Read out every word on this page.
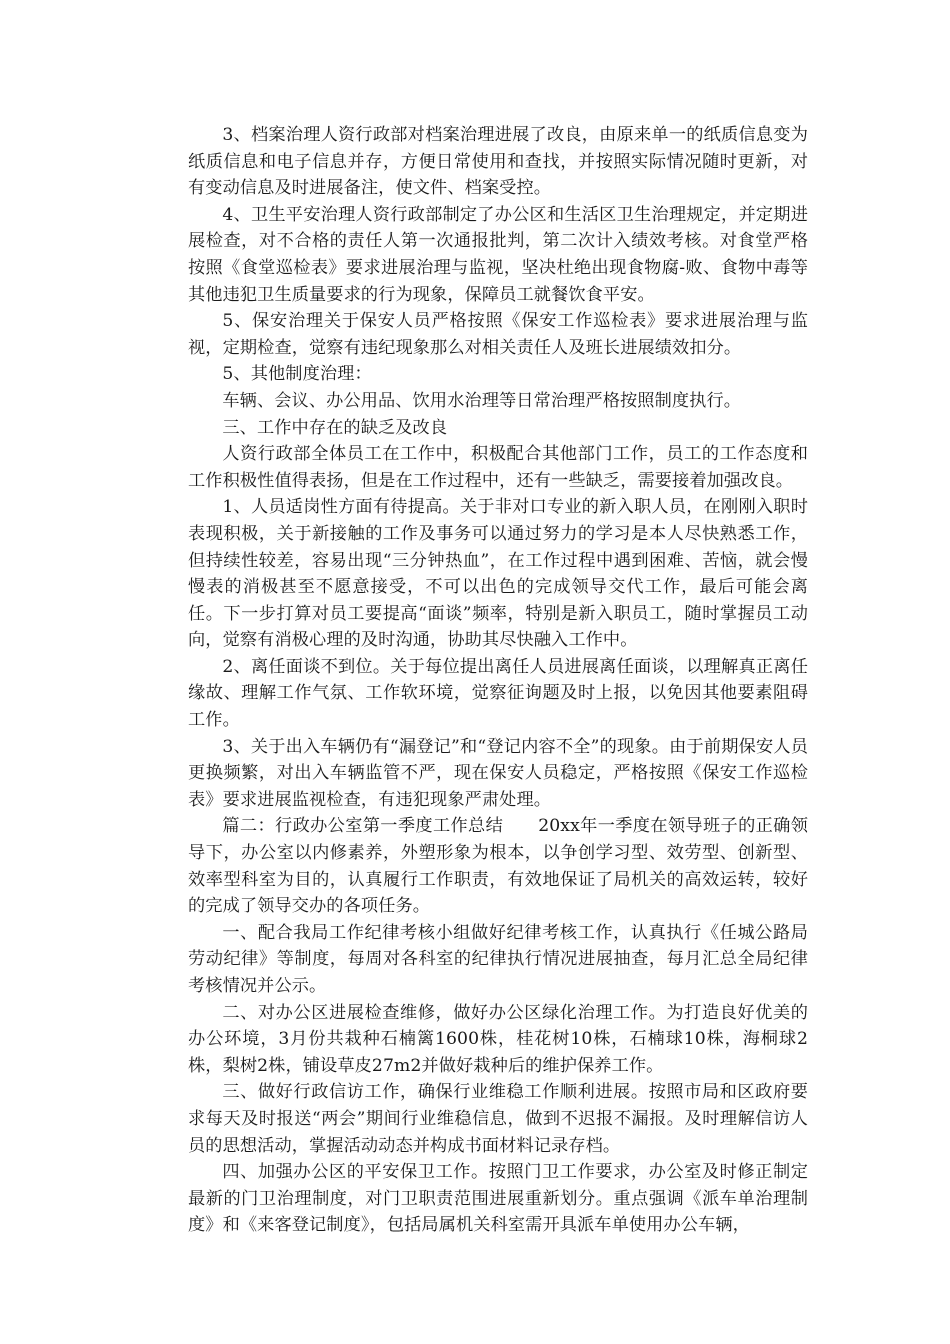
3、档案治理人资行政部对档案治理进展了改良，由原来单一的纸质信息变为纸质信息和电子信息并存，方便日常使用和查找，并按照实际情况随时更新，对有变动信息及时进展备注，使文件、档案受控。

4、卫生平安治理人资行政部制定了办公区和生活区卫生治理规定，并定期进展检查，对不合格的责任人第一次通报批判，第二次计入绩效考核。对食堂严格按照《食堂巡检表》要求进展治理与监视，坚决杜绝出现食物腐-败、食物中毒等其他违犯卫生质量要求的行为现象，保障员工就餐饮食平安。

5、保安治理关于保安人员严格按照《保安工作巡检表》要求进展治理与监视，定期检查，觉察有违纪现象那么对相关责任人及班长进展绩效扣分。

5、其他制度治理：

车辆、会议、办公用品、饮用水治理等日常治理严格按照制度执行。

三、工作中存在的缺乏及改良

人资行政部全体员工在工作中，积极配合其他部门工作，员工的工作态度和工作积极性值得表扬，但是在工作过程中，还有一些缺乏，需要接着加强改良。

1、人员适岗性方面有待提高。关于非对口专业的新入职人员，在刚刚入职时表现积极，关于新接触的工作及事务可以通过努力的学习是本人尽快熟悉工作，但持续性较差，容易出现“三分钟热血”，在工作过程中遇到困难、苦恼，就会慢慢表的消极甚至不愿意接受，不可以出色的完成领导交代工作，最后可能会离任。下一步打算对员工要提高“面谈”频率，特别是新入职员工，随时掌握员工动向，觉察有消极心理的及时沟通，协助其尽快融入工作中。

2、离任面谈不到位。关于每位提出离任人员进展离任面谈，以理解真正离任缘故、理解工作气氛、工作软环境，觉察征询题及时上报，以免因其他要素阻碍工作。

3、关于出入车辆仍有“漏登记”和“登记内容不全”的现象。由于前期保安人员更换频繁，对出入车辆监管不严，现在保安人员稳定，严格按照《保安工作巡检表》要求进展监视检查，有违犯现象严肃处理。

篇二：行政办公室第一季度工作总结　　20xx年一季度在领导班子的正确领导下，办公室以内修素养，外塑形象为根本，以争创学习型、效劳型、创新型、效率型科室为目的，认真履行工作职责，有效地保证了局机关的高效运转，较好的完成了领导交办的各项任务。

一、配合我局工作纪律考核小组做好纪律考核工作，认真执行《任城公路局劳动纪律》等制度，每周对各科室的纪律执行情况进展抽查，每月汇总全局纪律考核情况并公示。

二、对办公区进展检查维修，做好办公区绿化治理工作。为打造良好优美的办公环境，3月份共栽种石楠篱1600株，桂花树10株，石楠球10株，海桐球2株，梨树2株，铺设草皮27m2并做好栽种后的维护保养工作。

三、做好行政信访工作，确保行业维稳工作顺利进展。按照市局和区政府要求每天及时报送“两会”期间行业维稳信息，做到不迟报不漏报。及时理解信访人员的思想活动，掌握活动动态并构成书面材料记录存档。

四、加强办公区的平安保卫工作。按照门卫工作要求，办公室及时修正制定最新的门卫治理制度，对门卫职责范围进展重新划分。重点强调《派车单治理制度》和《来客登记制度》，包括局属机关科室需开具派车单使用办公车辆，
